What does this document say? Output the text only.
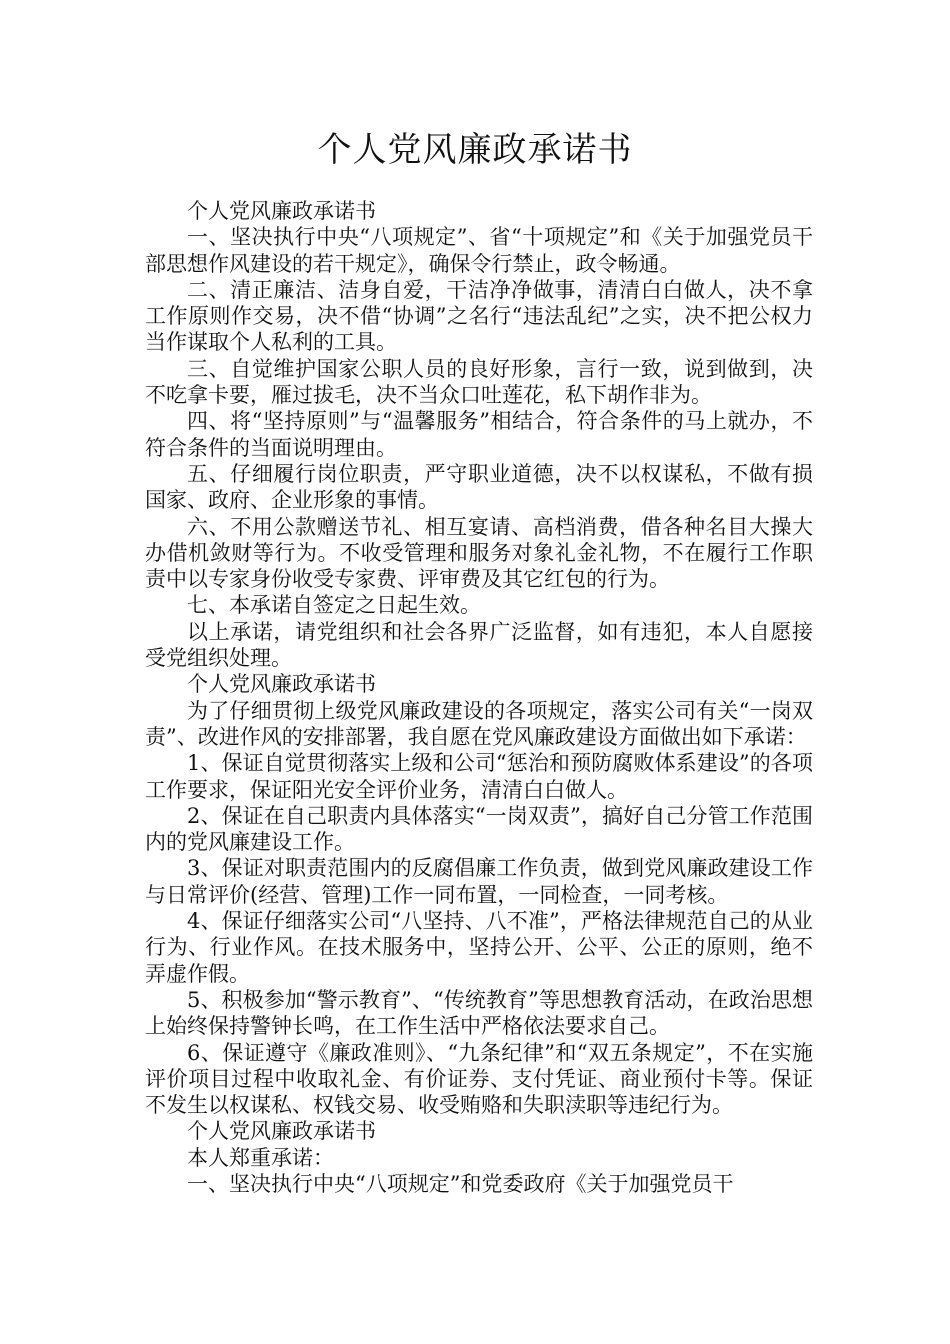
个人党风廉政承诺书

个人党风廉政承诺书

一、坚决执行中央“八项规定”、省“十项规定”和《关于加强党员干部思想作风建设的若干规定》，确保令行禁止，政令畅通。

二、清正廉洁、洁身自爱，干洁净净做事，清清白白做人，决不拿工作原则作交易，决不借“协调”之名行“违法乱纪”之实，决不把公权力当作谋取个人私利的工具。

三、自觉维护国家公职人员的良好形象，言行一致，说到做到，决不吃拿卡要，雁过拔毛，决不当众口吐莲花，私下胡作非为。

四、将“坚持原则”与“温馨服务”相结合，符合条件的马上就办，不符合条件的当面说明理由。

五、仔细履行岗位职责，严守职业道德，决不以权谋私，不做有损国家、政府、企业形象的事情。

六、不用公款赠送节礼、相互宴请、高档消费，借各种名目大操大办借机敛财等行为。不收受管理和服务对象礼金礼物，不在履行工作职责中以专家身份收受专家费、评审费及其它红包的行为。

七、本承诺自签定之日起生效。

以上承诺，请党组织和社会各界广泛监督，如有违犯，本人自愿接受党组织处理。

个人党风廉政承诺书

为了仔细贯彻上级党风廉政建设的各项规定，落实公司有关“一岗双责”、改进作风的安排部署，我自愿在党风廉政建设方面做出如下承诺：

1、保证自觉贯彻落实上级和公司“惩治和预防腐败体系建设”的各项工作要求，保证阳光安全评价业务，清清白白做人。

2、保证在自己职责内具体落实“一岗双责”，搞好自己分管工作范围内的党风廉建设工作。

3、保证对职责范围内的反腐倡廉工作负责，做到党风廉政建设工作与日常评价(经营、管理)工作一同布置，一同检查，一同考核。

4、保证仔细落实公司“八坚持、八不准”，严格法律规范自己的从业行为、行业作风。在技术服务中，坚持公开、公平、公正的原则，绝不弄虚作假。

5、积极参加“警示教育”、“传统教育”等思想教育活动，在政治思想上始终保持警钟长鸣，在工作生活中严格依法要求自己。

6、保证遵守《廉政准则》、“九条纪律”和“双五条规定”，不在实施评价项目过程中收取礼金、有价证券、支付凭证、商业预付卡等。保证不发生以权谋私、权钱交易、收受贿赂和失职渎职等违纪行为。

个人党风廉政承诺书

本人郑重承诺：

一、坚决执行中央“八项规定”和党委政府《关于加强党员干
